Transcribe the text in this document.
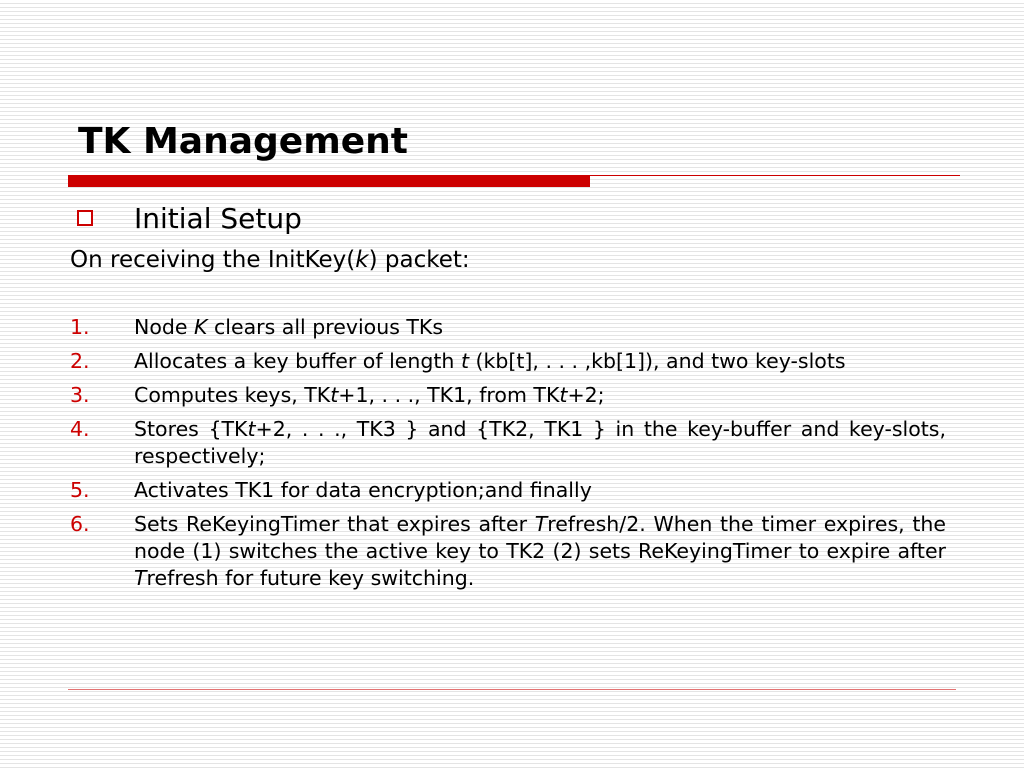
TK Management
Initial Setup
On receiving the InitKey(k) packet:
1.	Node K clears all previous TKs
2.	Allocates a key buffer of length t (kb[t], . . . ,kb[1]), and two key-slots
3.	Computes keys, TKt+1, . . ., TK1, from TKt+2;
4.	Stores {TKt+2, . . ., TK3 } and {TK2, TK1 } in the key-buffer and key-slots, respectively;
5.	Activates TK1 for data encryption;and finally
6.	Sets ReKeyingTimer that expires after Trefresh/2. When the timer expires, the node (1) switches the active key to TK2 (2) sets ReKeyingTimer to expire after Trefresh for future key switching.
